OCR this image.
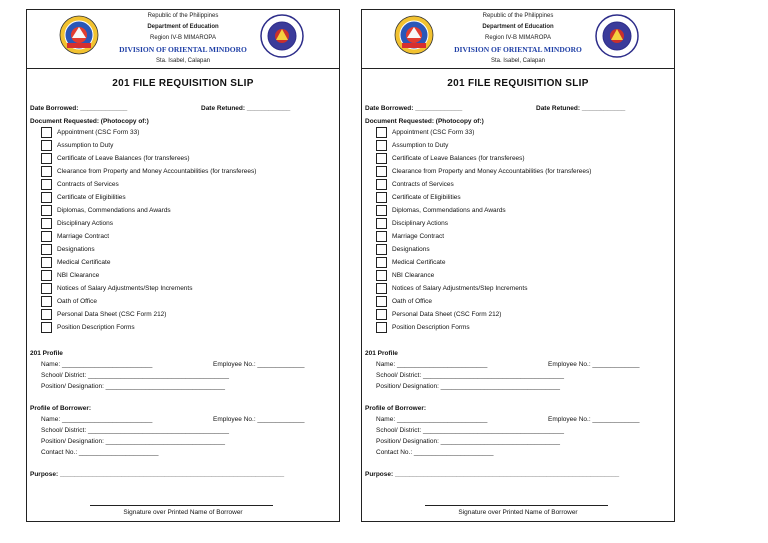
Republic of the Philippines
Department of Education
Region IV-B MIMAROPA
DIVISION OF ORIENTAL MINDORO
Sta. Isabel, Calapan
201 FILE REQUISITION SLIP
Date Borrowed: _____________	Date Retuned: ____________
Document Requested: (Photocopy of:)
Appointment (CSC Form 33)
Assumption to Duty
Certificate of Leave Balances (for transferees)
Clearance from Property and Money Accountabilities (for transferees)
Contracts of Services
Certificate of Eligibilities
Diplomas, Commendations and Awards
Disciplinary Actions
Marriage Contract
Designations
Medical Certificate
NBI Clearance
Notices of Salary Adjustments/Step Increments
Oath of Office
Personal Data Sheet (CSC Form 212)
Position Description Forms
201 Profile
Name: _________________________	Employee No.: _____________
School/ District: _______________________________________
Position/ Designation: _________________________________
Profile of Borrower:
Name: _________________________	Employee No.: _____________
School/ District: _______________________________________
Position/ Designation: _________________________________
Contact No.: ______________________
Purpose: ______________________________________________________________
Signature over Printed Name of Borrower
Republic of the Philippines
Department of Education
Region IV-B MIMAROPA
DIVISION OF ORIENTAL MINDORO
Sta. Isabel, Calapan
201 FILE REQUISITION SLIP
Date Borrowed: _____________	Date Retuned: ____________
Document Requested: (Photocopy of:)
Appointment (CSC Form 33)
Assumption to Duty
Certificate of Leave Balances (for transferees)
Clearance from Property and Money Accountabilities (for transferees)
Contracts of Services
Certificate of Eligibilities
Diplomas, Commendations and Awards
Disciplinary Actions
Marriage Contract
Designations
Medical Certificate
NBI Clearance
Notices of Salary Adjustments/Step Increments
Oath of Office
Personal Data Sheet (CSC Form 212)
Position Description Forms
201 Profile
Name: _________________________	Employee No.: _____________
School/ District: _______________________________________
Position/ Designation: _________________________________
Profile of Borrower:
Name: _________________________	Employee No.: _____________
School/ District: _______________________________________
Position/ Designation: _________________________________
Contact No.: ______________________
Purpose: ______________________________________________________________
Signature over Printed Name of Borrower
